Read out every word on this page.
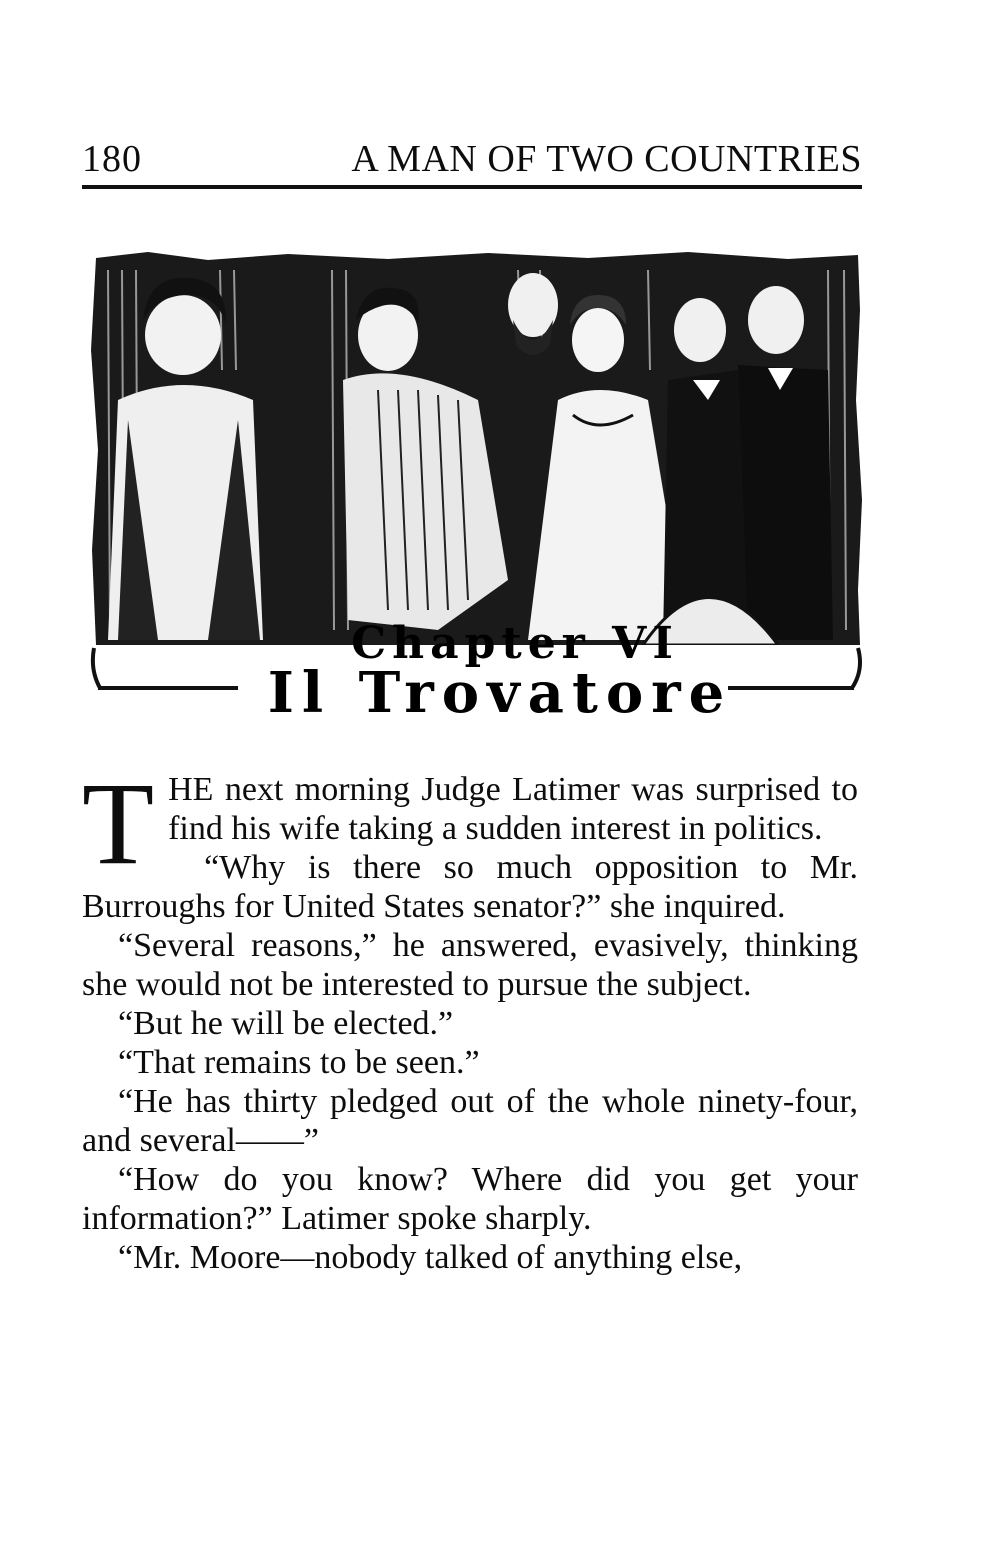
180	A MAN OF TWO COUNTRIES
Chapter VI
Il Trovatore

THE next morning Judge Latimer was surprised to find his wife taking a sudden interest in politics.

“Why is there so much opposition to Mr. Burroughs for United States senator?” she inquired.

“Several reasons,” he answered, evasively, thinking she would not be interested to pursue the subject.

“But he will be elected.”

“That remains to be seen.”

“He has thirty pledged out of the whole ninety-four, and several——”

“How do you know? Where did you get your information?” Latimer spoke sharply.

“Mr. Moore—nobody talked of anything else,
